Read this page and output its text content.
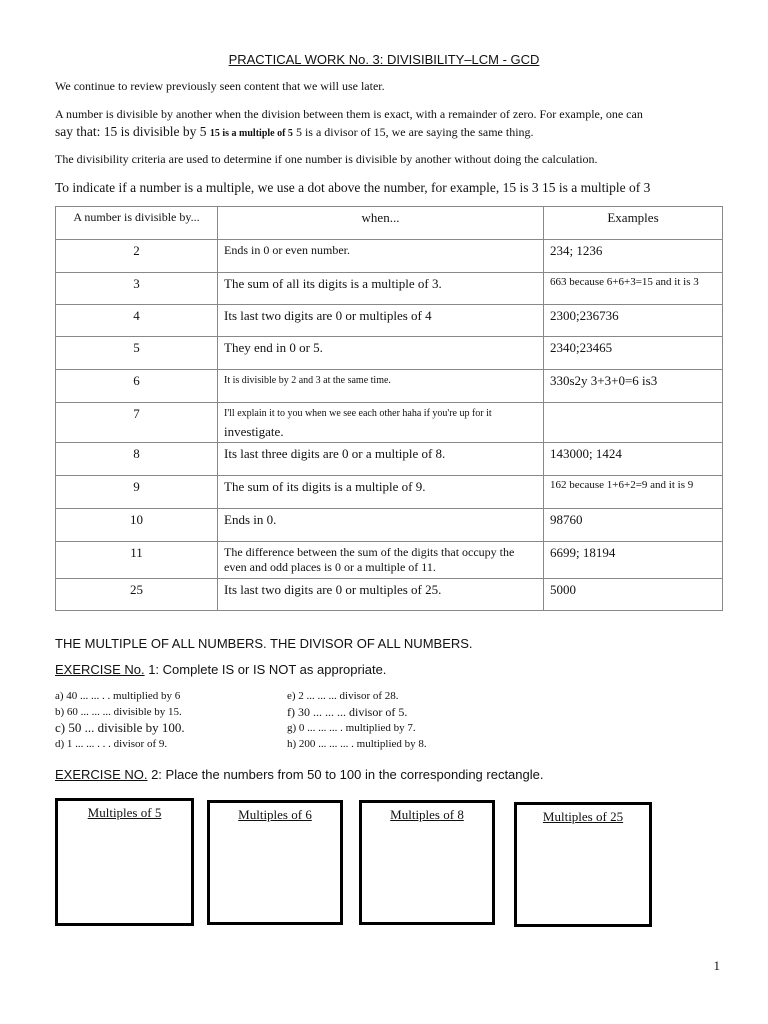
PRACTICAL WORK No. 3: DIVISIBILITY–LCM - GCD
We continue to review previously seen content that we will use later.
A number is divisible by another when the division between them is exact, with a remainder of zero. For example, one can
say that: 15 is divisible by 5 15 is a multiple of 5 5 is a divisor of 15, we are saying the same thing.
The divisibility criteria are used to determine if one number is divisible by another without doing the calculation.
To indicate if a number is a multiple, we use a dot above the number, for example, 15 is 3 15 is a multiple of 3
A number is divisible by...	when...	Examples
2	Ends in 0 or even number.	234; 1236
3	The sum of all its digits is a multiple of 3.	663 because 6+6+3=15 and it is 3
4	Its last two digits are 0 or multiples of 4	2300;236736
5	They end in 0 or 5.	2340;23465
6	It is divisible by 2 and 3 at the same time.	330s2y 3+3+0=6 is3
7	I'll explain it to you when we see each other haha if you're up for it
investigate.	

8	Its last three digits are 0 or a multiple of 8.	143000; 1424
9	The sum of its digits is a multiple of 9.	162 because 1+6+2=9 and it is 9
10	Ends in 0.	98760
11	The difference between the sum of the digits that occupy the even and odd places is 0 or a multiple of 11.	6699; 18194
25	Its last two digits are 0 or multiples of 25.	5000
THE MULTIPLE OF ALL NUMBERS. THE DIVISOR OF ALL NUMBERS.
EXERCISE No. 1: Complete IS or IS NOT as appropriate.
a) 40 ... ... . . multiplied by 6
b) 60 ... ... ... divisible by 15.
c) 50 ... divisible by 100.
d) 1 ... ... . . . divisor of 9.
e) 2 ... ... ... divisor of 28.
f) 30 ... ... ... divisor of 5.
g) 0 ... ... ... . multiplied by 7.
h) 200 ... ... ... . multiplied by 8.
EXERCISE NO. 2: Place the numbers from 50 to 100 in the corresponding rectangle.
Multiples of 5	Multiples of 6	Multiples of 8	Multiples of 25
1
